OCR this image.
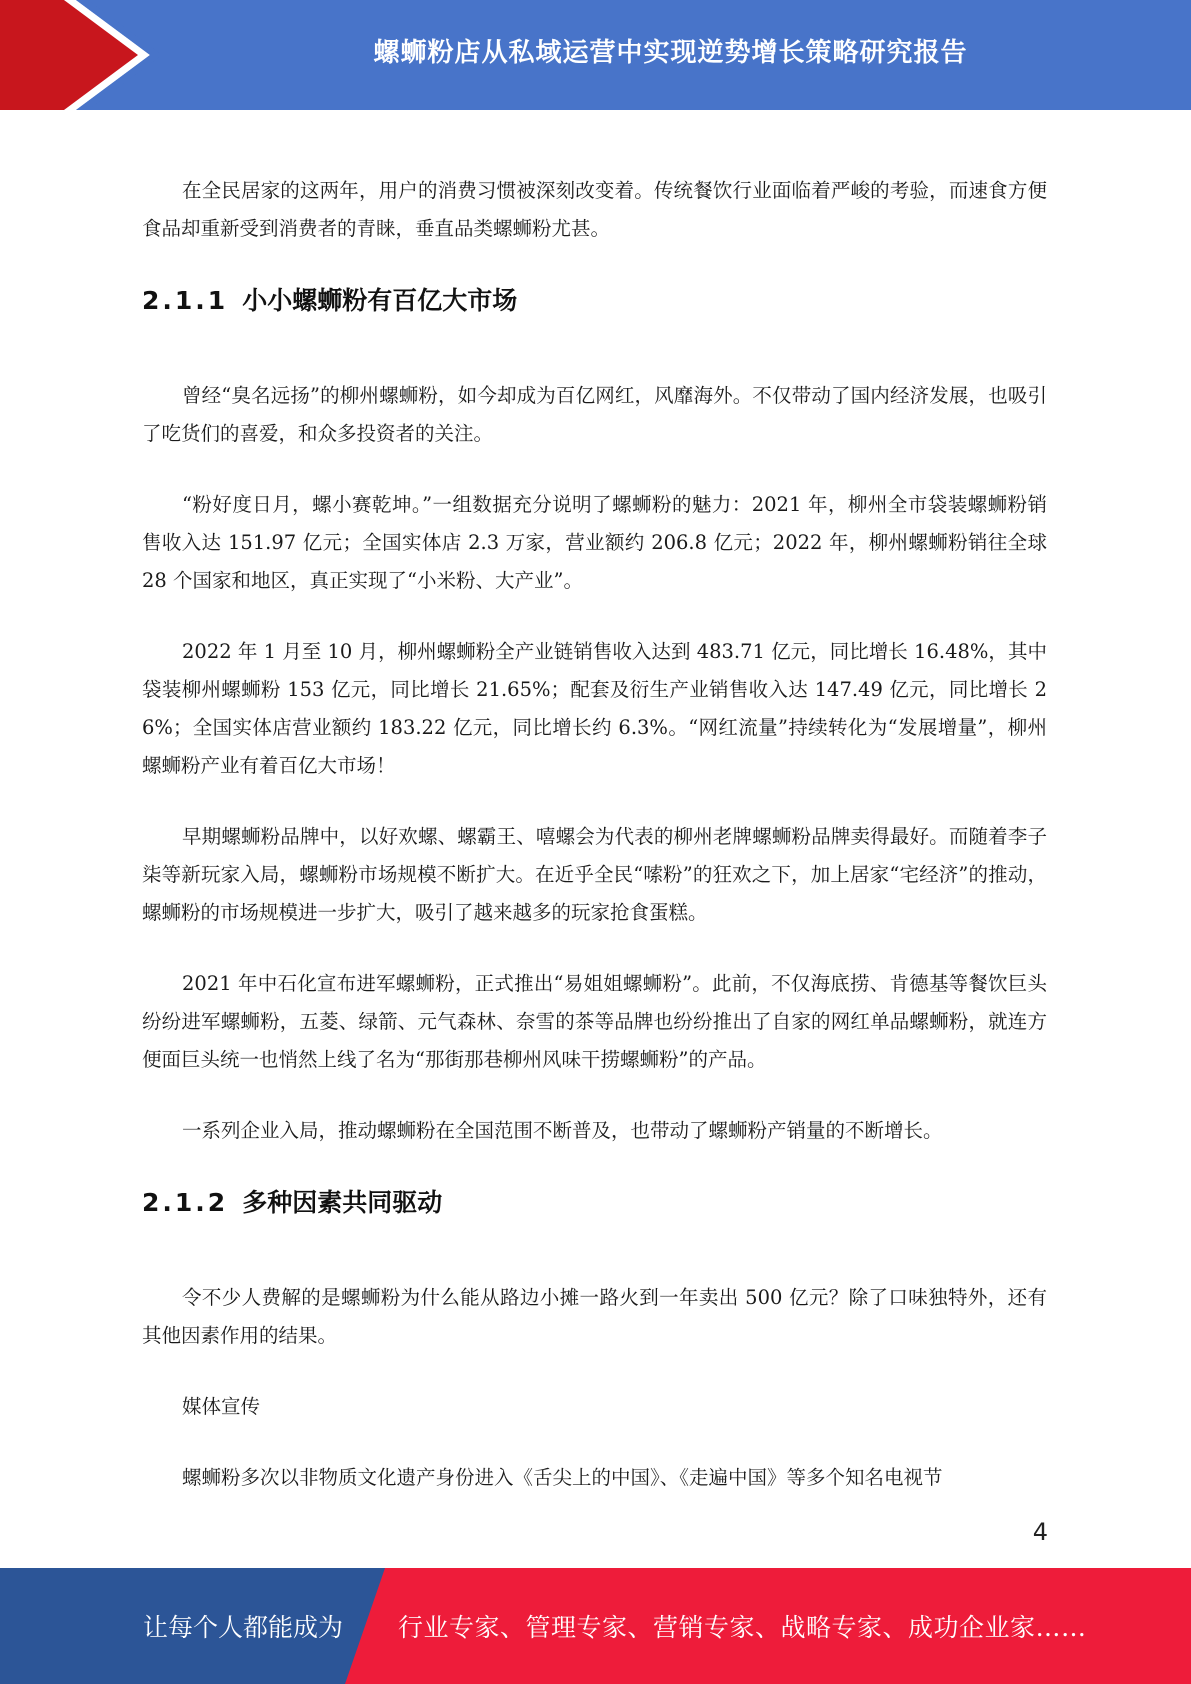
螺蛳粉店从私域运营中实现逆势增长策略研究报告

在全民居家的这两年，用户的消费习惯被深刻改变着。传统餐饮行业面临着严峻的考验，而速食方便食品却重新受到消费者的青睐，垂直品类螺蛳粉尤甚。

2.1.1 小小螺蛳粉有百亿大市场

曾经“臭名远扬”的柳州螺蛳粉，如今却成为百亿网红，风靡海外。不仅带动了国内经济发展，也吸引了吃货们的喜爱，和众多投资者的关注。

“粉好度日月，螺小赛乾坤。”一组数据充分说明了螺蛳粉的魅力：2021 年，柳州全市袋装螺蛳粉销售收入达 151.97 亿元；全国实体店 2.3 万家，营业额约 206.8 亿元；2022 年，柳州螺蛳粉销往全球 28 个国家和地区，真正实现了“小米粉、大产业”。

2022 年 1 月至 10 月，柳州螺蛳粉全产业链销售收入达到 483.71 亿元，同比增长 16.48%，其中袋装柳州螺蛳粉 153 亿元，同比增长 21.65%；配套及衍生产业销售收入达 147.49 亿元，同比增长 26%；全国实体店营业额约 183.22 亿元，同比增长约 6.3%。“网红流量”持续转化为“发展增量”，柳州螺蛳粉产业有着百亿大市场！

早期螺蛳粉品牌中，以好欢螺、螺霸王、嘻螺会为代表的柳州老牌螺蛳粉品牌卖得最好。而随着李子柒等新玩家入局，螺蛳粉市场规模不断扩大。在近乎全民“嗦粉”的狂欢之下，加上居家“宅经济”的推动，螺蛳粉的市场规模进一步扩大，吸引了越来越多的玩家抢食蛋糕。

2021 年中石化宣布进军螺蛳粉，正式推出“易姐姐螺蛳粉”。此前，不仅海底捞、肯德基等餐饮巨头纷纷进军螺蛳粉，五菱、绿箭、元气森林、奈雪的茶等品牌也纷纷推出了自家的网红单品螺蛳粉，就连方便面巨头统一也悄然上线了名为“那街那巷柳州风味干捞螺蛳粉”的产品。

一系列企业入局，推动螺蛳粉在全国范围不断普及，也带动了螺蛳粉产销量的不断增长。

2.1.2 多种因素共同驱动

令不少人费解的是螺蛳粉为什么能从路边小摊一路火到一年卖出 500 亿元？除了口味独特外，还有其他因素作用的结果。

媒体宣传

螺蛳粉多次以非物质文化遗产身份进入《舌尖上的中国》、《走遍中国》等多个知名电视节

4
让每个人都能成为 行业专家、管理专家、营销专家、战略专家、成功企业家……
